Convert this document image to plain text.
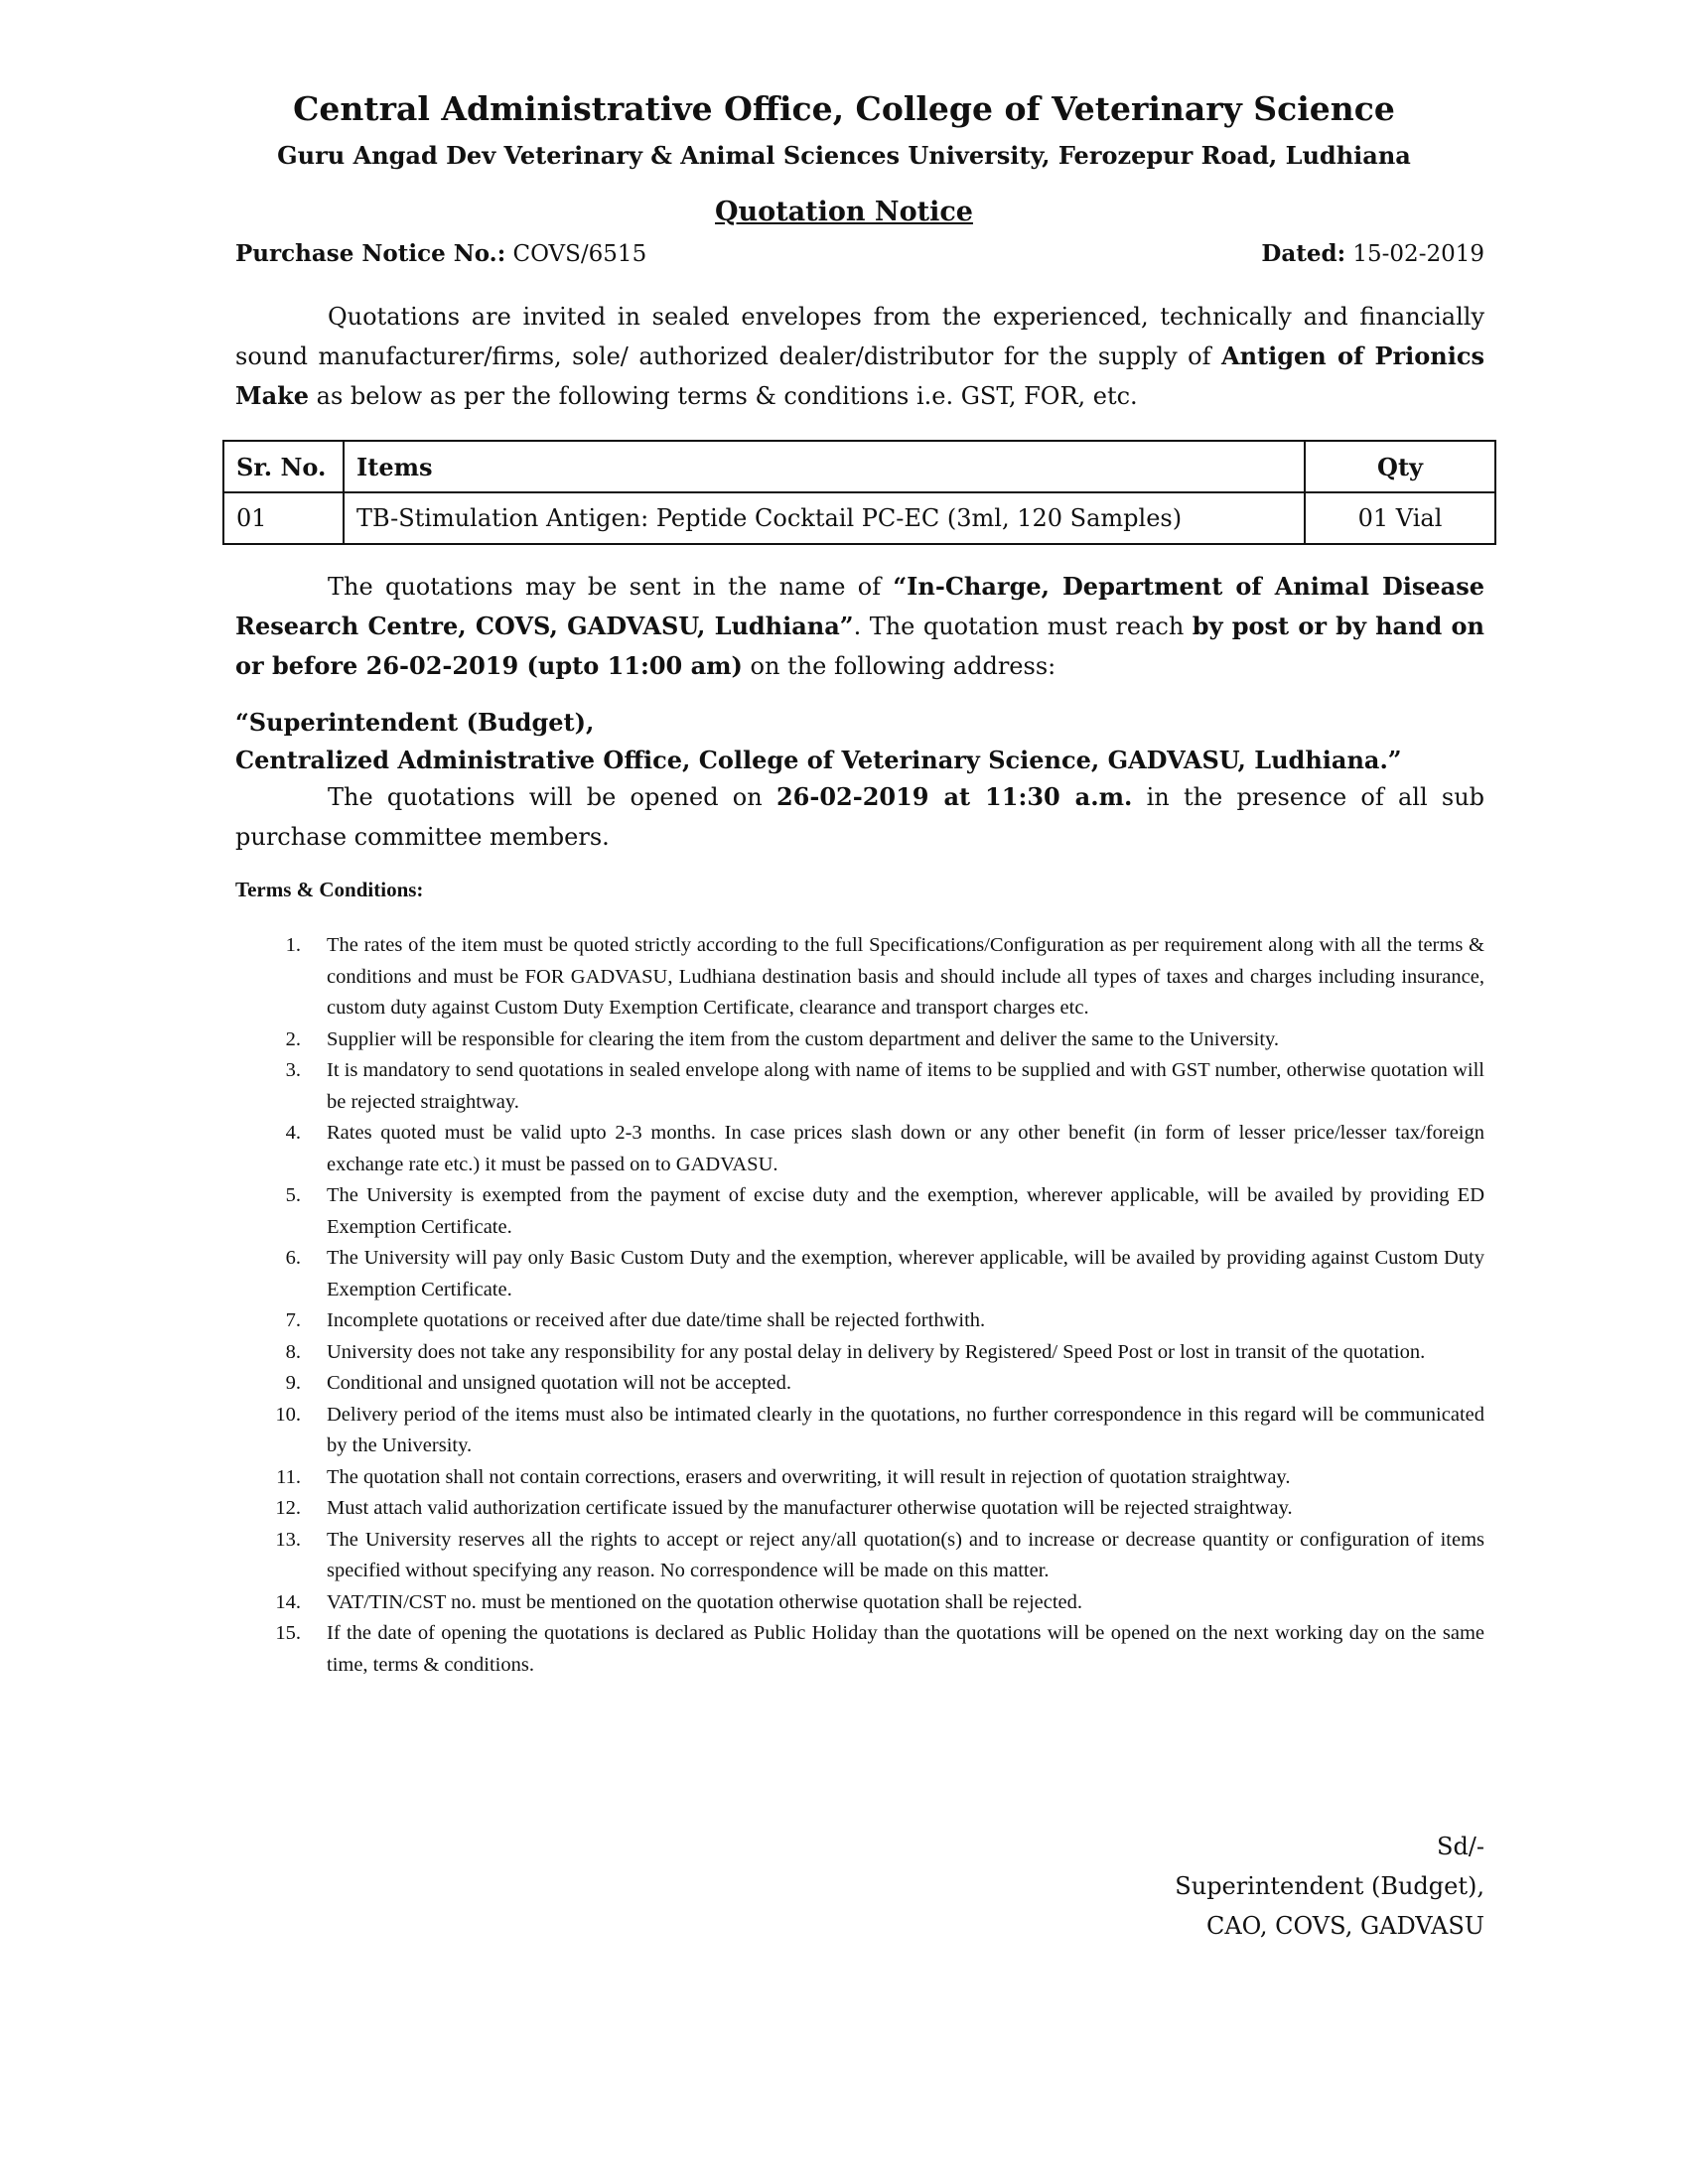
Central Administrative Office, College of Veterinary Science
Guru Angad Dev Veterinary & Animal Sciences University, Ferozepur Road, Ludhiana
Quotation Notice
Purchase Notice No.: COVS/6515	Dated: 15-02-2019
Quotations are invited in sealed envelopes from the experienced, technically and financially sound manufacturer/firms, sole/ authorized dealer/distributor for the supply of Antigen of Prionics Make as below as per the following terms & conditions i.e. GST, FOR, etc.
Sr. No.	Items	Qty
01	TB-Stimulation Antigen: Peptide Cocktail PC-EC (3ml, 120 Samples)	01 Vial
The quotations may be sent in the name of “In-Charge, Department of Animal Disease Research Centre, COVS, GADVASU, Ludhiana”. The quotation must reach by post or by hand on or before 26-02-2019 (upto 11:00 am) on the following address:
“Superintendent (Budget),
Centralized Administrative Office, College of Veterinary Science, GADVASU, Ludhiana.”
The quotations will be opened on 26-02-2019 at 11:30 a.m. in the presence of all sub purchase committee members.
Terms & Conditions:
1. The rates of the item must be quoted strictly according to the full Specifications/Configuration as per requirement along with all the terms & conditions and must be FOR GADVASU, Ludhiana destination basis and should include all types of taxes and charges including insurance, custom duty against Custom Duty Exemption Certificate, clearance and transport charges etc.
2. Supplier will be responsible for clearing the item from the custom department and deliver the same to the University.
3. It is mandatory to send quotations in sealed envelope along with name of items to be supplied and with GST number, otherwise quotation will be rejected straightway.
4. Rates quoted must be valid upto 2-3 months. In case prices slash down or any other benefit (in form of lesser price/lesser tax/foreign exchange rate etc.) it must be passed on to GADVASU.
5. The University is exempted from the payment of excise duty and the exemption, wherever applicable, will be availed by providing ED Exemption Certificate.
6. The University will pay only Basic Custom Duty and the exemption, wherever applicable, will be availed by providing against Custom Duty Exemption Certificate.
7. Incomplete quotations or received after due date/time shall be rejected forthwith.
8. University does not take any responsibility for any postal delay in delivery by Registered/ Speed Post or lost in transit of the quotation.
9. Conditional and unsigned quotation will not be accepted.
10. Delivery period of the items must also be intimated clearly in the quotations, no further correspondence in this regard will be communicated by the University.
11. The quotation shall not contain corrections, erasers and overwriting, it will result in rejection of quotation straightway.
12. Must attach valid authorization certificate issued by the manufacturer otherwise quotation will be rejected straightway.
13. The University reserves all the rights to accept or reject any/all quotation(s) and to increase or decrease quantity or configuration of items specified without specifying any reason. No correspondence will be made on this matter.
14. VAT/TIN/CST no. must be mentioned on the quotation otherwise quotation shall be rejected.
15. If the date of opening the quotations is declared as Public Holiday than the quotations will be opened on the next working day on the same time, terms & conditions.
Sd/-
Superintendent (Budget),
CAO, COVS, GADVASU
